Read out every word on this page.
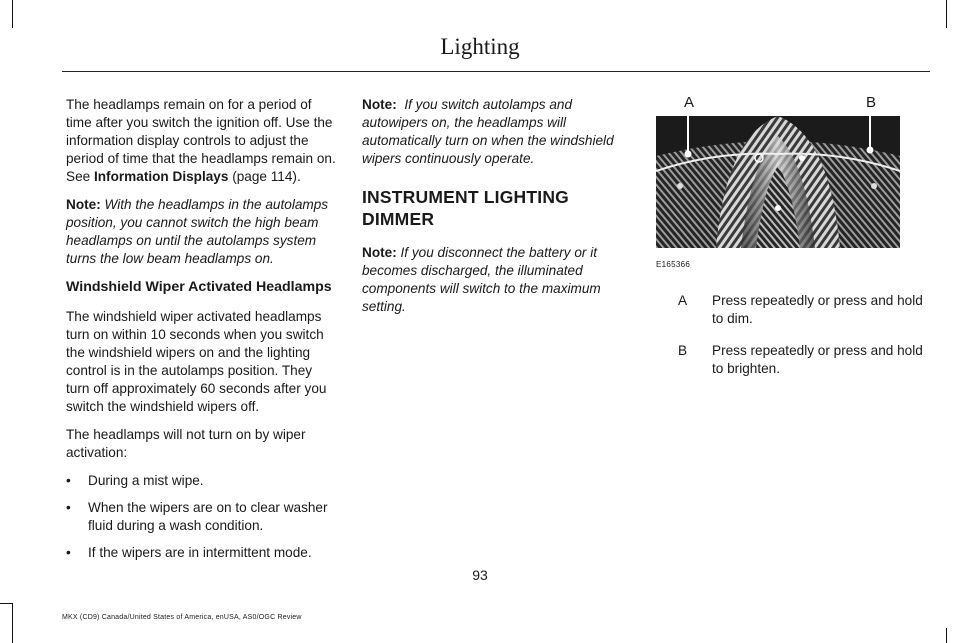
Lighting

The headlamps remain on for a period of time after you switch the ignition off. Use the information display controls to adjust the period of time that the headlamps remain on. See Information Displays (page 114).

Note: With the headlamps in the autolamps position, you cannot switch the high beam headlamps on until the autolamps system turns the low beam headlamps on.

Windshield Wiper Activated Headlamps

The windshield wiper activated headlamps turn on within 10 seconds when you switch the windshield wipers on and the lighting control is in the autolamps position. They turn off approximately 60 seconds after you switch the windshield wipers off.

The headlamps will not turn on by wiper activation:

• During a mist wipe.
• When the wipers are on to clear washer fluid during a wash condition.
• If the wipers are in intermittent mode.

Note: If you switch autolamps and autowipers on, the headlamps will automatically turn on when the windshield wipers continuously operate.

INSTRUMENT LIGHTING DIMMER

Note: If you disconnect the battery or it becomes discharged, the illuminated components will switch to the maximum setting.

A	B
E165366
A	Press repeatedly or press and hold to dim.
B	Press repeatedly or press and hold to brighten.
93
MKX (CD9) Canada/United States of America, enUSA, AS0/OGC Review
